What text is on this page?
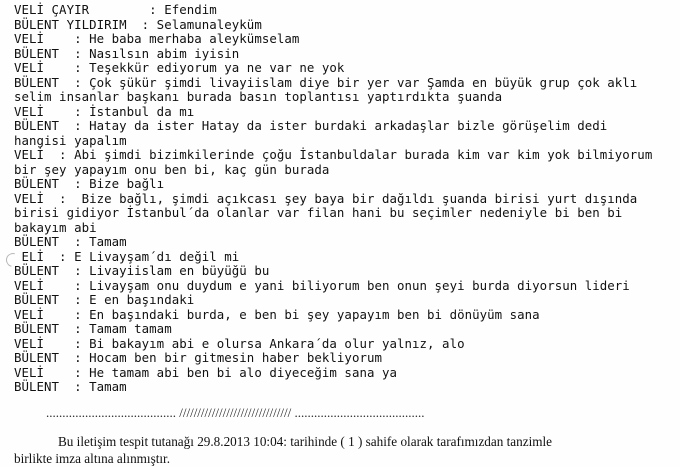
VELİ ÇAYIR        : Efendim
BÜLENT YILDIRIM  : Selamunaleyküm
VELİ    : He baba merhaba aleykümselam
BÜLENT  : Nasılsın abim iyisin
VELİ    : Teşekkür ediyorum ya ne var ne yok
BÜLENT  : Çok şükür şimdi livayiislam diye bir yer var Şamda en büyük grup çok aklı
selim insanlar başkanı burada basın toplantısı yaptırdıkta şuanda
VELİ    : İstanbul da mı
BÜLENT  : Hatay da ister Hatay da ister burdaki arkadaşlar bizle görüşelim dedi
hangisi yapalım
VELİ  : Abi şimdi bizimkilerinde çoğu İstanbuldalar burada kim var kim yok bilmiyorum
bir şey yapayım onu ben bi, kaç gün burada
BÜLENT  : Bize bağlı
VELİ  :  Bize bağlı, şimdi açıkcası şey baya bir dağıldı şuanda birisi yurt dışında
birisi gidiyor İstanbul´da olanlar var filan hani bu seçimler nedeniyle bi ben bi
bakayım abi
BÜLENT  : Tamam
ELİ  : E Livayşam´dı değil mi
BÜLENT  : Livayiislam en büyüğü bu
VELİ    : Livayşam onu duydum e yani biliyorum ben onun şeyi burda diyorsun lideri
BÜLENT  : E en başındaki
VELİ    : En başındaki burda, e ben bi şey yapayım ben bi dönüyüm sana
BÜLENT  : Tamam tamam
VELİ    : Bi bakayım abi e olursa Ankara´da olur yalnız, alo
BÜLENT  : Hocam ben bir gitmesin haber bekliyorum
VELİ    : He tamam abi ben bi alo diyeceğim sana ya
BÜLENT  : Tamam
........................................ /////////////////////////////// ........................................
Bu iletişim tespit tutanağı 29.8.2013 10:04: tarihinde ( 1 ) sahife olarak tarafımızdan tanzimle
birlikte imza altına alınmıştır.
